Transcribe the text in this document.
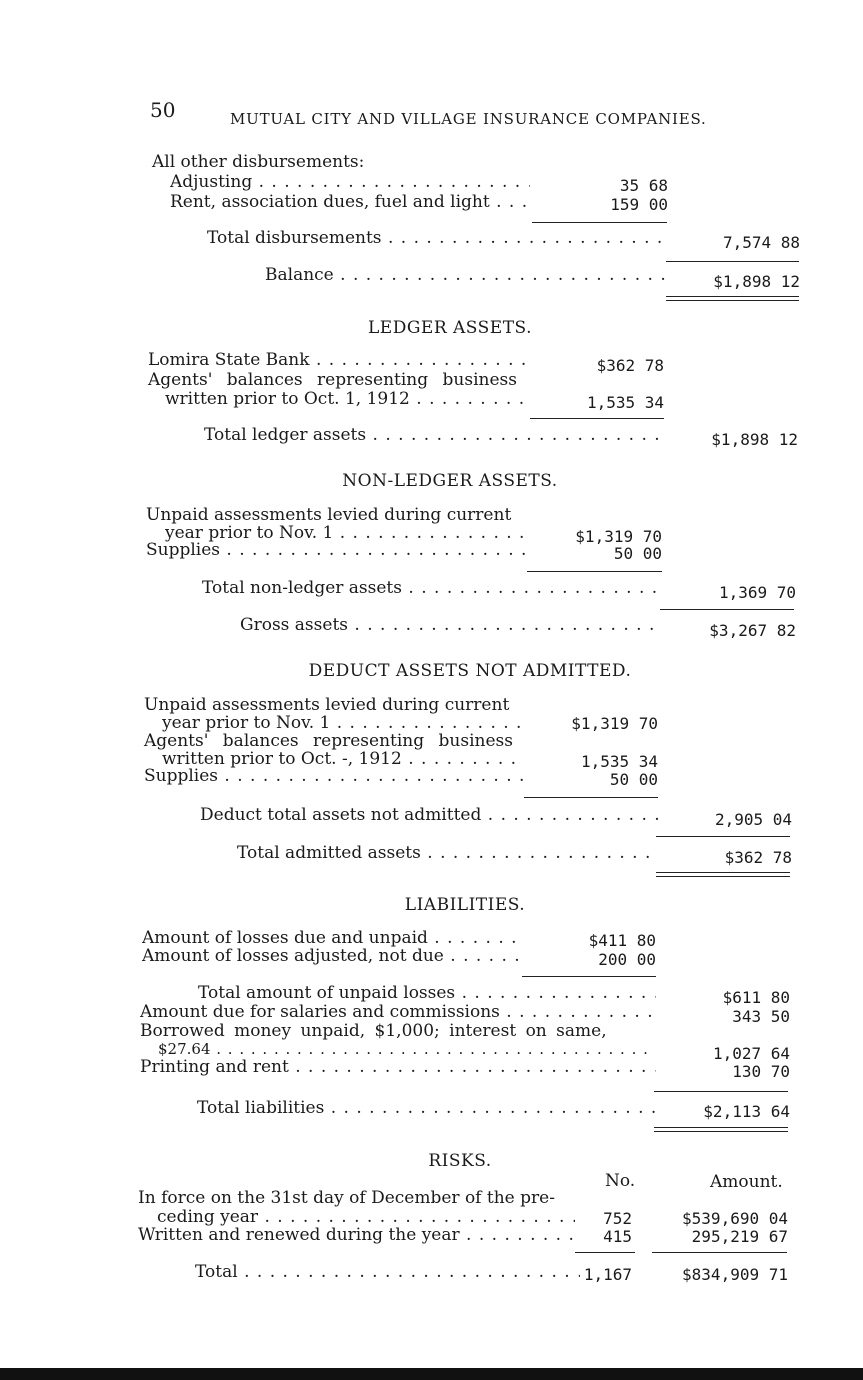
50	MUTUAL CITY AND VILLAGE INSURANCE COMPANIES.
All other disbursements:
Adjusting . . .	35 68
Rent, association dues, fuel and light . . .	159 00
Total disbursements . . .	7,574 88
Balance . . .	$1,898 12
LEDGER ASSETS.
Lomira State Bank . . .	$362 78
Agents' balances representing business
written prior to Oct. 1, 1912 . . .	1,535 34
Total ledger assets . . .	$1,898 12
NON-LEDGER ASSETS.
Unpaid assessments levied during current
year prior to Nov. 1 . . .	$1,319 70
Supplies . . .	50 00
Total non-ledger assets . . .	1,369 70
Gross assets . . .	$3,267 82
DEDUCT ASSETS NOT ADMITTED.
Unpaid assessments levied during current
year prior to Nov. 1 . . .	$1,319 70
Agents' balances representing business
written prior to Oct. -, 1912 . . .	1,535 34
Supplies . . .	50 00
Deduct total assets not admitted . . .	2,905 04
Total admitted assets . . .	$362 78
LIABILITIES.
Amount of losses due and unpaid . . .	$411 80
Amount of losses adjusted, not due . . .	200 00
Total amount of unpaid losses . . .	$611 80
Amount due for salaries and commissions . . .	343 50
Borrowed money unpaid, $1,000; interest on same,
$27.64 . . .	1,027 64
Printing and rent . . .	130 70
Total liabilities . . .	$2,113 64
RISKS.
No.	Amount.
In force on the 31st day of December of the pre-
ceding year . . .	752	$539,690 04
Written and renewed during the year . . .	415	295,219 67
Total . . .	1,167	$834,909 71
